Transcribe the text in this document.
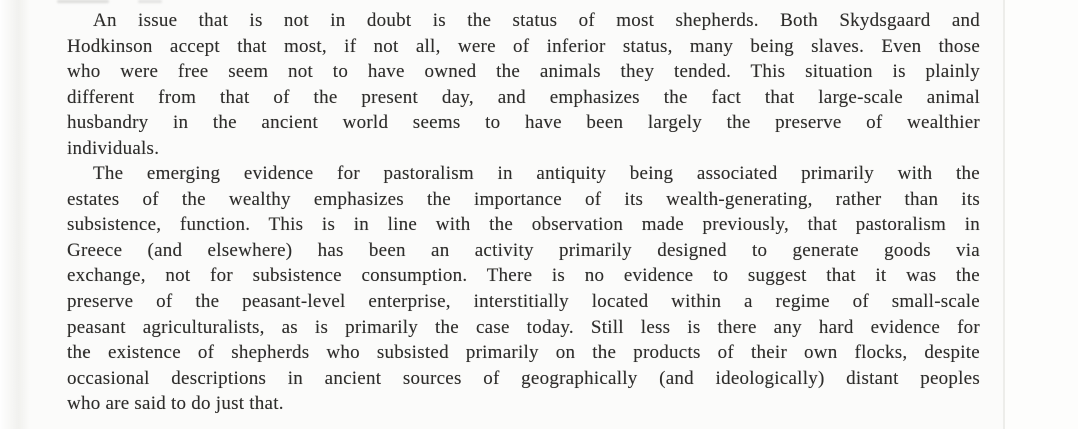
An issue that is not in doubt is the status of most shepherds. Both Skydsgaard and
Hodkinson accept that most, if not all, were of inferior status, many being slaves. Even those
who were free seem not to have owned the animals they tended. This situation is plainly
different from that of the present day, and emphasizes the fact that large-scale animal
husbandry in the ancient world seems to have been largely the preserve of wealthier
individuals.
The emerging evidence for pastoralism in antiquity being associated primarily with the
estates of the wealthy emphasizes the importance of its wealth-generating, rather than its
subsistence, function. This is in line with the observation made previously, that pastoralism in
Greece (and elsewhere) has been an activity primarily designed to generate goods via
exchange, not for subsistence consumption. There is no evidence to suggest that it was the
preserve of the peasant-level enterprise, interstitially located within a regime of small-scale
peasant agriculturalists, as is primarily the case today. Still less is there any hard evidence for
the existence of shepherds who subsisted primarily on the products of their own flocks, despite
occasional descriptions in ancient sources of geographically (and ideologically) distant peoples
who are said to do just that.
